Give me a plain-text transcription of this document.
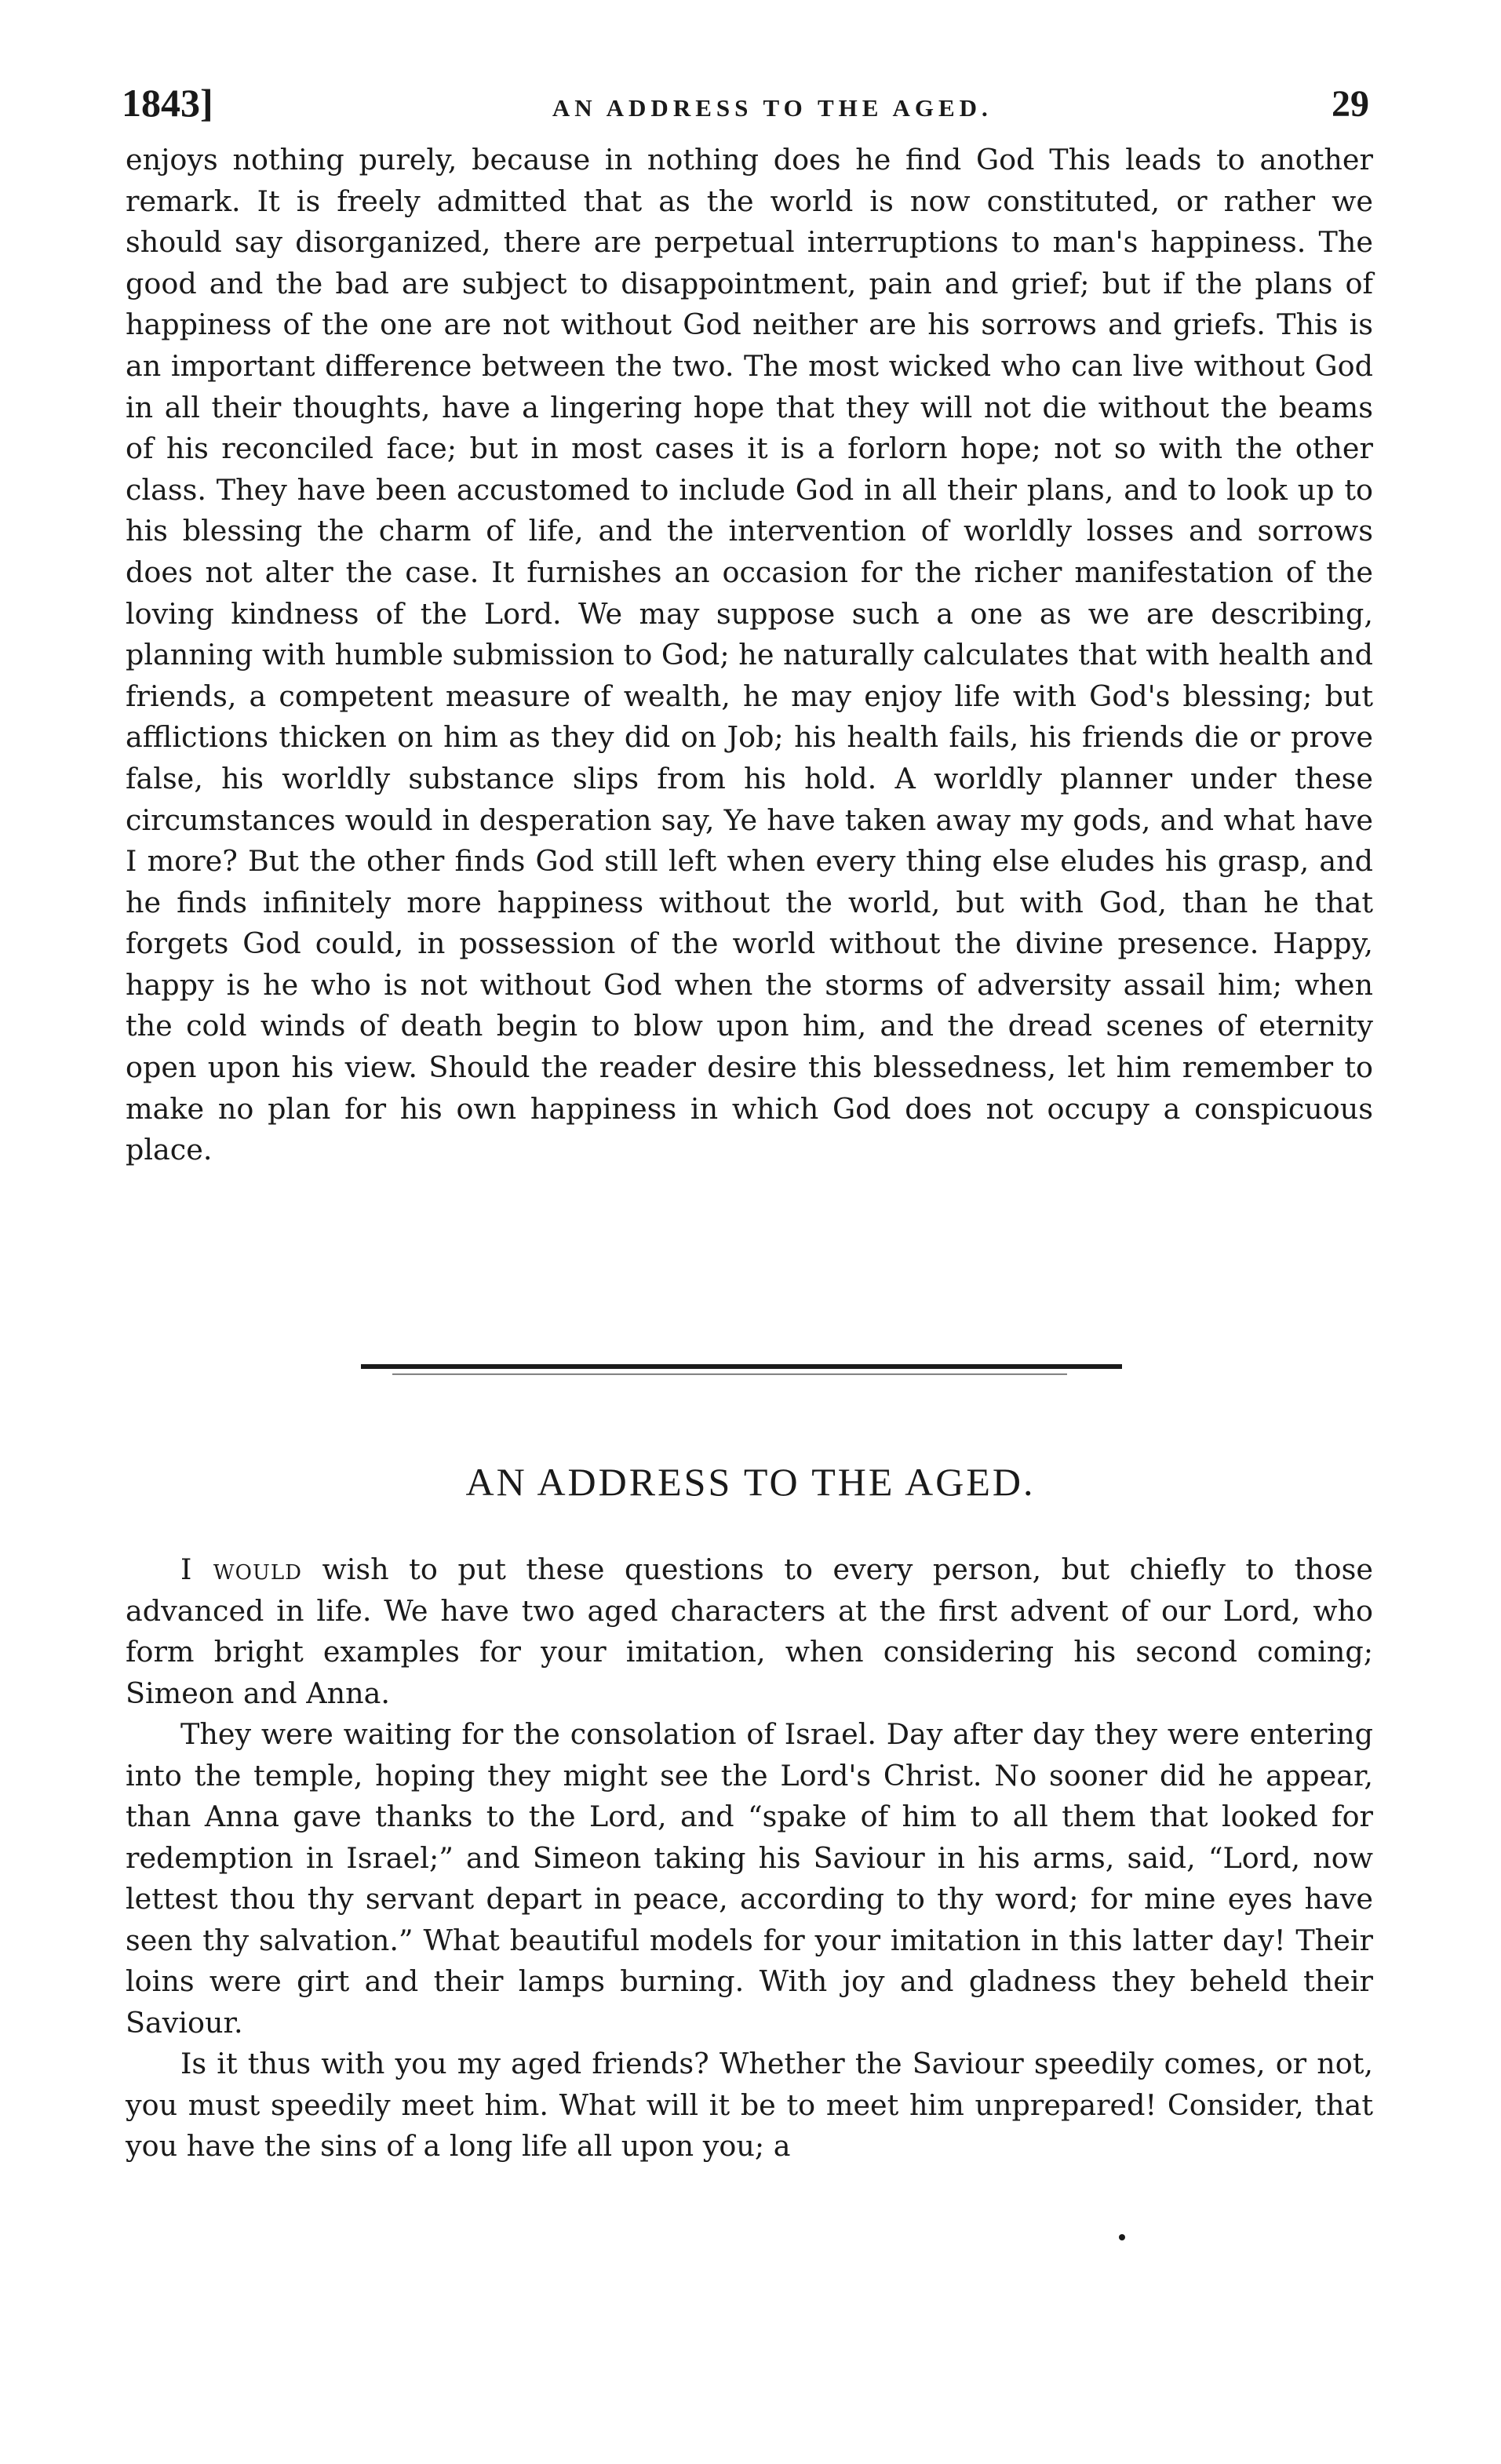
1843]	AN ADDRESS TO THE AGED.	29

enjoys nothing purely, because in nothing does he find God This leads to another remark. It is freely admitted that as the world is now constituted, or rather we should say disorganized, there are perpetual interruptions to man's happiness. The good and the bad are subject to disappointment, pain and grief; but if the plans of happiness of the one are not without God neither are his sorrows and griefs. This is an important difference between the two. The most wicked who can live without God in all their thoughts, have a lingering hope that they will not die without the beams of his reconciled face; but in most cases it is a forlorn hope; not so with the other class. They have been accustomed to include God in all their plans, and to look up to his blessing the charm of life, and the intervention of worldly losses and sorrows does not alter the case. It furnishes an occasion for the richer manifestation of the loving kindness of the Lord. We may suppose such a one as we are describing, planning with humble submission to God; he naturally calculates that with health and friends, a competent measure of wealth, he may enjoy life with God's blessing; but afflictions thicken on him as they did on Job; his health fails, his friends die or prove false, his worldly substance slips from his hold. A worldly planner under these circumstances would in desperation say, Ye have taken away my gods, and what have I more? But the other finds God still left when every thing else eludes his grasp, and he finds infinitely more happiness without the world, but with God, than he that forgets God could, in possession of the world without the divine presence. Happy, happy is he who is not without God when the storms of adversity assail him; when the cold winds of death begin to blow upon him, and the dread scenes of eternity open upon his view. Should the reader desire this blessedness, let him remember to make no plan for his own happiness in which God does not occupy a conspicuous place.

AN ADDRESS TO THE AGED.

I would wish to put these questions to every person, but chiefly to those advanced in life. We have two aged characters at the first advent of our Lord, who form bright examples for your imitation, when considering his second coming; Simeon and Anna.

They were waiting for the consolation of Israel. Day after day they were entering into the temple, hoping they might see the Lord's Christ. No sooner did he appear, than Anna gave thanks to the Lord, and “spake of him to all them that looked for redemption in Israel;” and Simeon taking his Saviour in his arms, said, “Lord, now lettest thou thy servant depart in peace, according to thy word; for mine eyes have seen thy salvation.” What beautiful models for your imitation in this latter day! Their loins were girt and their lamps burning. With joy and gladness they beheld their Saviour.

Is it thus with you my aged friends? Whether the Saviour speedily comes, or not, you must speedily meet him. What will it be to meet him unprepared! Consider, that you have the sins of a long life all upon you; a
